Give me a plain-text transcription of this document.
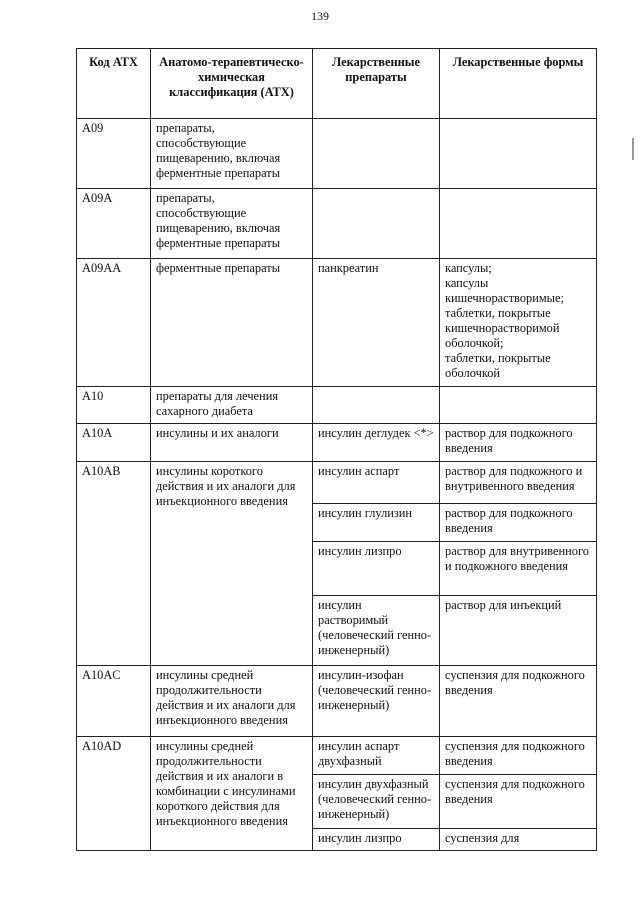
139
Код АТХ	Анатомо-терапевтическо-химическая классификация (АТХ)	Лекарственные препараты	Лекарственные формы
A09	препараты, способствующие пищеварению, включая ферментные препараты		
A09A	препараты, способствующие пищеварению, включая ферментные препараты		
A09AA	ферментные препараты	панкреатин	капсулы;
капсулы кишечнорастворимые;
таблетки, покрытые кишечнорастворимой оболочкой;
таблетки, покрытые оболочкой
A10	препараты для лечения сахарного диабета		
A10A	инсулины и их аналоги	инсулин деглудек <*>	раствор для подкожного введения
A10AB	инсулины короткого действия и их аналоги для инъекционного введения	инсулин аспарт	раствор для подкожного и внутривенного введения
		инсулин глулизин	раствор для подкожного введения
		инсулин лизпро	раствор для внутривенного и подкожного введения
		инсулин растворимый (человеческий генно-инженерный)	раствор для инъекций
A10AC	инсулины средней продолжительности действия и их аналоги для инъекционного введения	инсулин-изофан (человеческий генно-инженерный)	суспензия для подкожного введения
A10AD	инсулины средней продолжительности действия и их аналоги в комбинации с инсулинами короткого действия для инъекционного введения	инсулин аспарт двухфазный	суспензия для подкожного введения
		инсулин двухфазный (человеческий генно-инженерный)	суспензия для подкожного введения
		инсулин лизпро	суспензия для
